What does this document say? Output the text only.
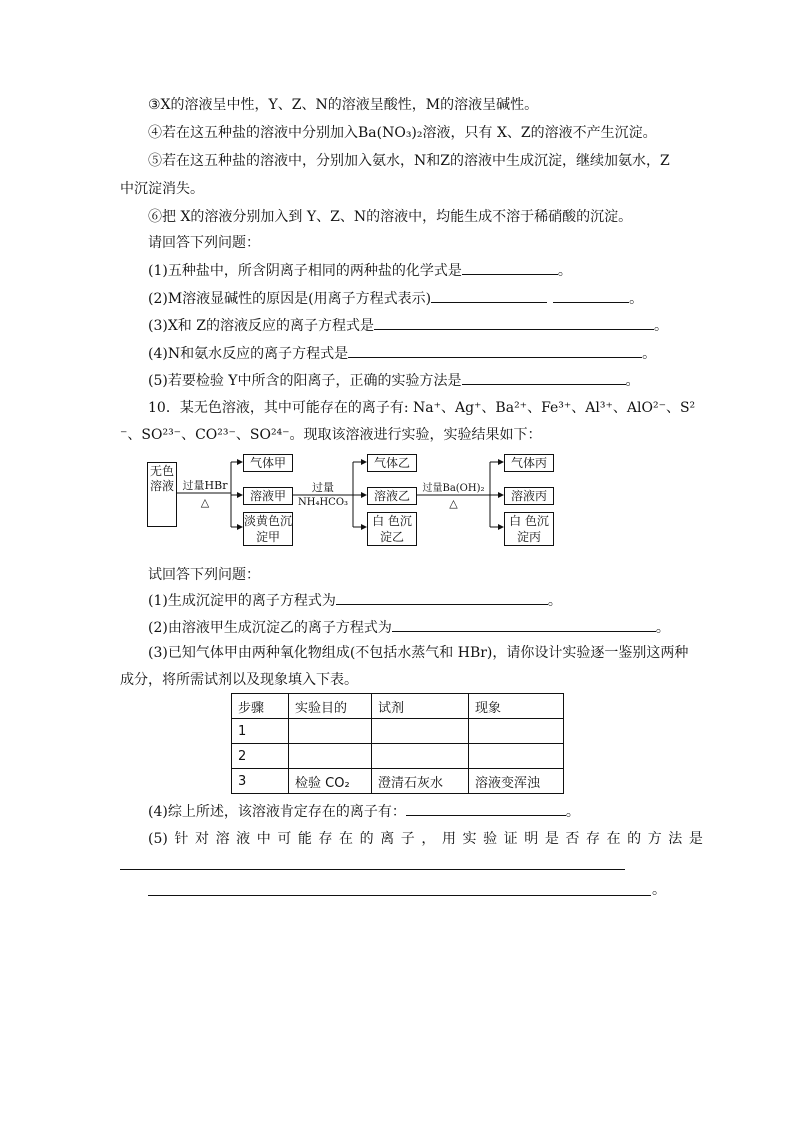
③X的溶液呈中性，Y、Z、N的溶液呈酸性，M的溶液呈碱性。
④若在这五种盐的溶液中分别加入Ba(NO₃)₂溶液，只有 X、Z的溶液不产生沉淀。
⑤若在这五种盐的溶液中，分别加入氨水，N和Z的溶液中生成沉淀，继续加氨水，Z
中沉淀消失。
⑥把 X的溶液分别加入到 Y、Z、N的溶液中，均能生成不溶于稀硝酸的沉淀。
请回答下列问题：
(1)五种盐中，所含阴离子相同的两种盐的化学式是	。
(2)M溶液显碱性的原因是(用离子方程式表示)	。
(3)X和 Z的溶液反应的离子方程式是	。
(4)N和氨水反应的离子方程式是	。
(5)若要检验 Y中所含的阳离子，正确的实验方法是	。
10．某无色溶液，其中可能存在的离子有: Na⁺、Ag⁺、Ba²⁺、Fe³⁺、Al³⁺、AlO²⁻、S²
⁻、SO²³⁻、CO²³⁻、SO²⁴⁻。现取该溶液进行实验，实验结果如下：
无色溶液 过量HBr
△
气体甲
溶液甲
淡黄色沉淀甲
过量
NH₄HCO₃
气体乙
溶液乙
白 色沉淀乙
过量Ba(OH)₂
△
气体丙
溶液丙
白 色沉淀丙
试回答下列问题：
(1)生成沉淀甲的离子方程式为	。
(2)由溶液甲生成沉淀乙的离子方程式为	。
(3)已知气体甲由两种氧化物组成(不包括水蒸气和 HBr)，请你设计实验逐一鉴别这两种
成分，将所需试剂以及现象填入下表。
步骤	实验目的	试剂	现象
1			
2			
3	检验 CO₂	澄清石灰水	溶液变浑浊
(4)综上所述，该溶液肯定存在的离子有：	。
(5) 针 对 溶 液 中 可 能 存 在 的 离 子 ， 用 实 验 证 明 是 否 存 在 的 方 法 是
。
